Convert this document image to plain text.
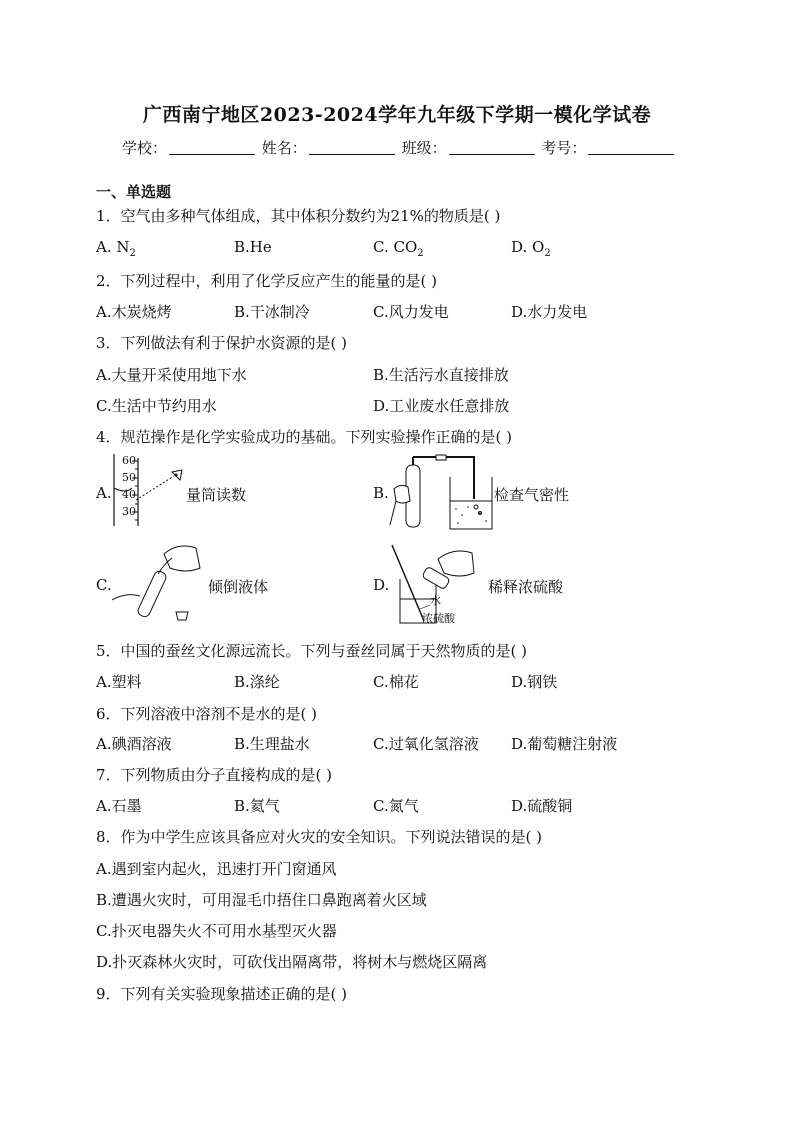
广西南宁地区2023-2024学年九年级下学期一模化学试卷
学校：	姓名：	班级：	考号：
一、单选题
1．空气由多种气体组成，其中体积分数约为21%的物质是( )
A. $N_2$	B.He	C. $CO_2$	D. $O_2$
2．下列过程中，利用了化学反应产生的能量的是( )
A.木炭烧烤	B.干冰制冷	C.风力发电	D.水力发电
3．下列做法有利于保护水资源的是( )
A.大量开采使用地下水	B.生活污水直接排放
C.生活中节约用水	D.工业废水任意排放
4．规范操作是化学实验成功的基础。下列实验操作正确的是( )
A.
60
50
40
30
量筒读数	B.	检查气密性
C.	倾倒液体	D.
水
浓硫酸
稀释浓硫酸
5．中国的蚕丝文化源远流长。下列与蚕丝同属于天然物质的是( )
A.塑料	B.涤纶	C.棉花	D.钢铁
6．下列溶液中溶剂不是水的是( )
A.碘酒溶液	B.生理盐水	C.过氧化氢溶液 D.葡萄糖注射液
7．下列物质由分子直接构成的是( )
A.石墨	B.氦气	C.氮气	D.硫酸铜
8．作为中学生应该具备应对火灾的安全知识。下列说法错误的是( )
A.遇到室内起火，迅速打开门窗通风
B.遭遇火灾时，可用湿毛巾捂住口鼻跑离着火区域
C.扑灭电器失火不可用水基型灭火器
D.扑灭森林火灾时，可砍伐出隔离带，将树木与燃烧区隔离
9．下列有关实验现象描述正确的是( )
